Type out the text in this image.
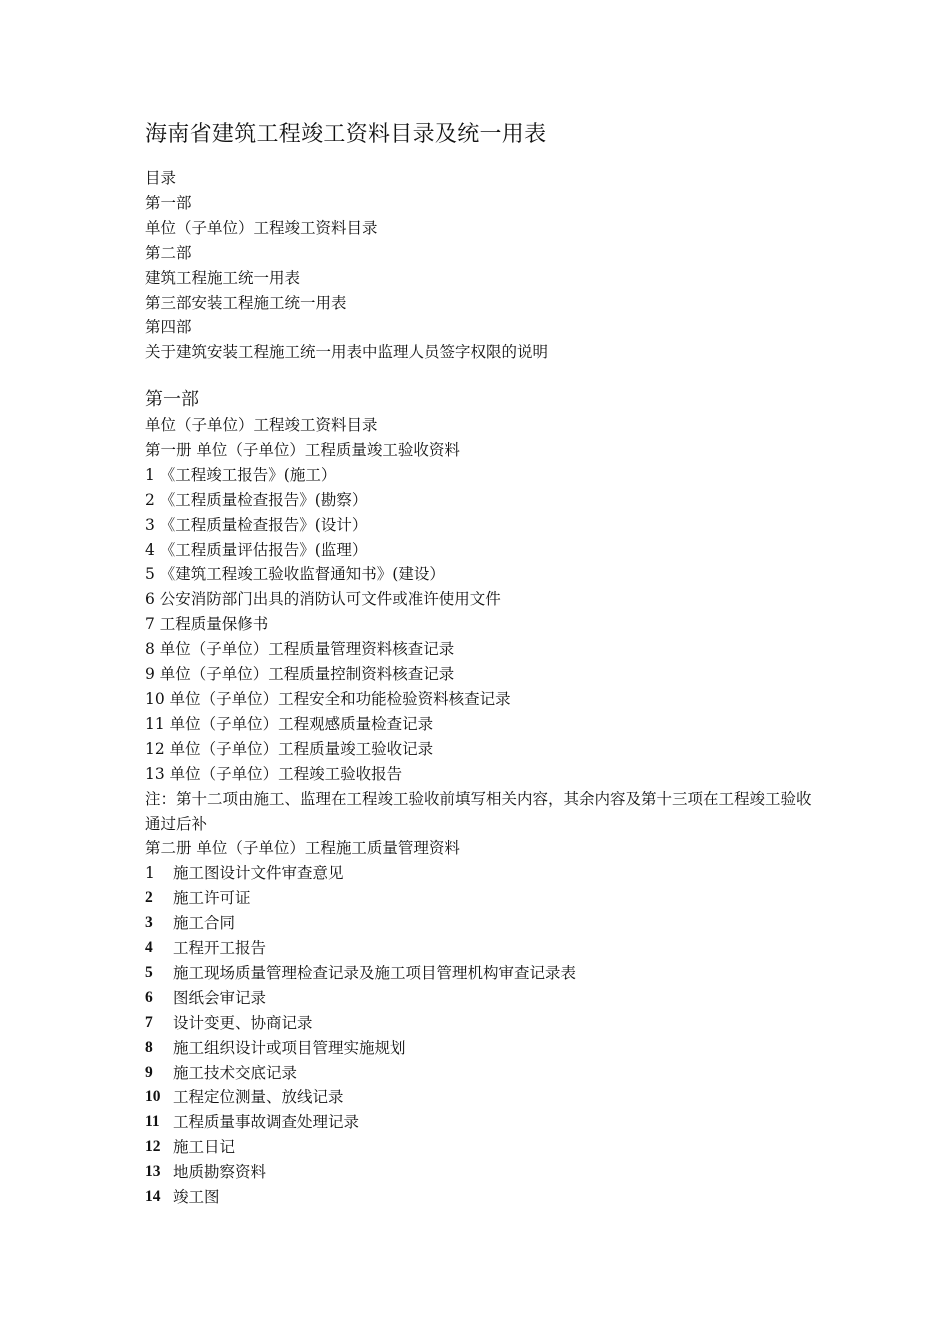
海南省建筑工程竣工资料目录及统一用表
目录
第一部
单位（子单位）工程竣工资料目录
第二部
建筑工程施工统一用表
第三部安装工程施工统一用表
第四部
关于建筑安装工程施工统一用表中监理人员签字权限的说明
第一部
单位（子单位）工程竣工资料目录
第一册 单位（子单位）工程质量竣工验收资料
1 《工程竣工报告》(施工）
2 《工程质量检查报告》(勘察）
3 《工程质量检查报告》(设计）
4 《工程质量评估报告》(监理）
5 《建筑工程竣工验收监督通知书》(建设）
6 公安消防部门出具的消防认可文件或准许使用文件
7 工程质量保修书
8 单位（子单位）工程质量管理资料核查记录
9 单位（子单位）工程质量控制资料核查记录
10 单位（子单位）工程安全和功能检验资料核查记录
11 单位（子单位）工程观感质量检查记录
12 单位（子单位）工程质量竣工验收记录
13 单位（子单位）工程竣工验收报告
注：第十二项由施工、监理在工程竣工验收前填写相关内容，其余内容及第十三项在工程竣工验收通过后补
第二册 单位（子单位）工程施工质量管理资料
1	施工图设计文件审查意见
2	施工许可证
3	施工合同
4	工程开工报告
5	施工现场质量管理检查记录及施工项目管理机构审查记录表
6	图纸会审记录
7	设计变更、协商记录
8	施工组织设计或项目管理实施规划
9	施工技术交底记录
10 工程定位测量、放线记录
11 工程质量事故调查处理记录
12 施工日记
13 地质勘察资料
14 竣工图
